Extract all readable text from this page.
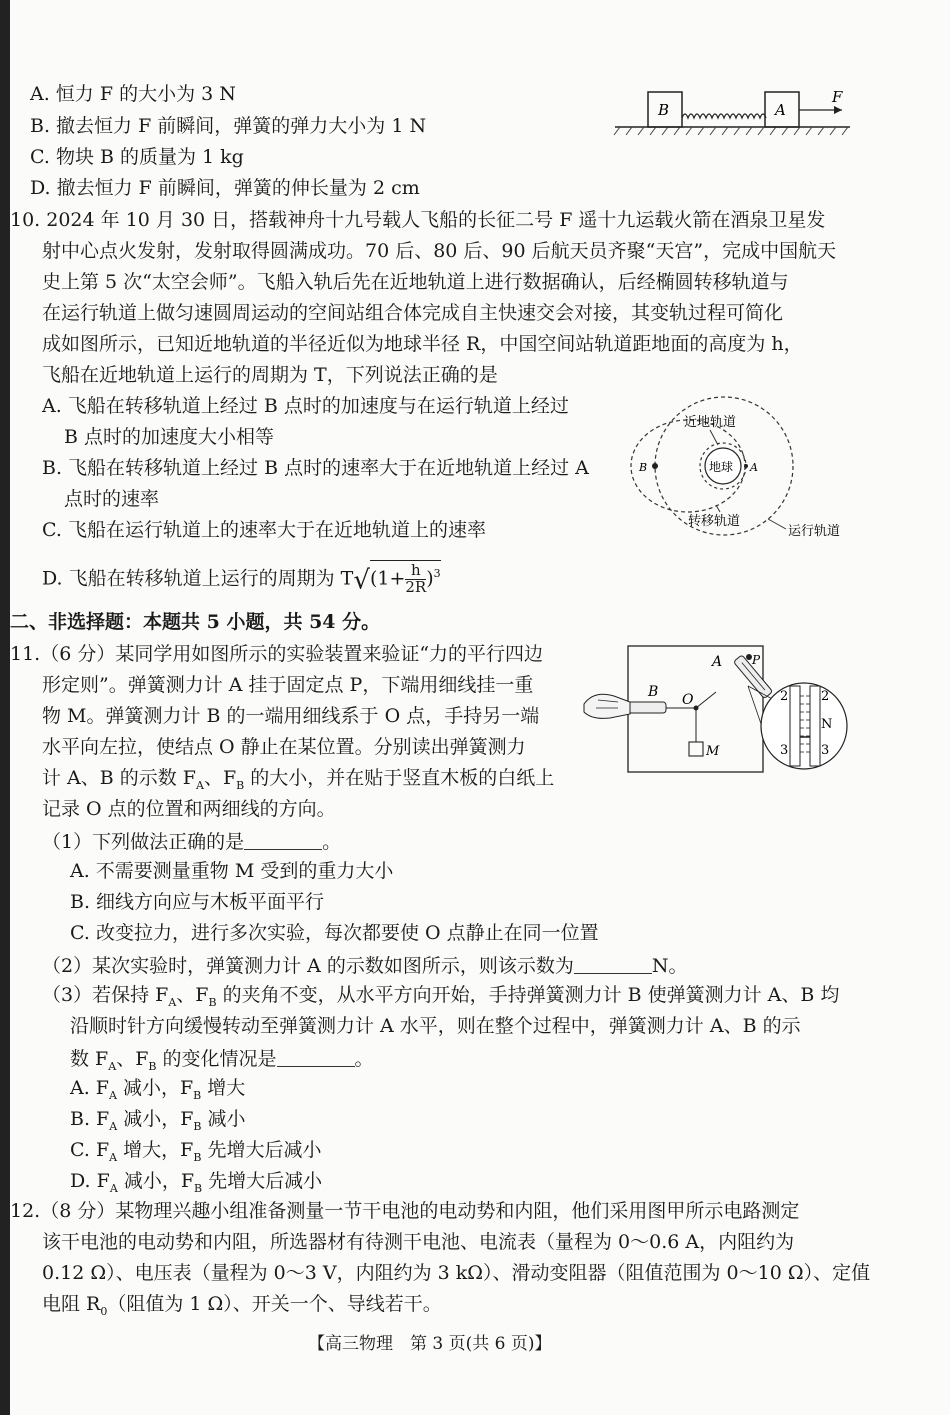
A. 恒力 F 的大小为 3 N
B. 撤去恒力 F 前瞬间，弹簧的弹力大小为 1 N
C. 物块 B 的质量为 1 kg
D. 撤去恒力 F 前瞬间，弹簧的伸长量为 2 cm
B	A
F
10. 2024 年 10 月 30 日，搭载神舟十九号载人飞船的长征二号 F 遥十九运载火箭在酒泉卫星发
射中心点火发射，发射取得圆满成功。70 后、80 后、90 后航天员齐聚“天宫”，完成中国航天
史上第 5 次“太空会师”。飞船入轨后先在近地轨道上进行数据确认，后经椭圆转移轨道与
在运行轨道上做匀速圆周运动的空间站组合体完成自主快速交会对接，其变轨过程可简化
成如图所示，已知近地轨道的半径近似为地球半径 R，中国空间站轨道距地面的高度为 h，
飞船在近地轨道上运行的周期为 T，下列说法正确的是
A. 飞船在转移轨道上经过 B 点时的加速度与在运行轨道上经过
B 点时的加速度大小相等
B. 飞船在转移轨道上经过 B 点时的速率大于在近地轨道上经过 A
点时的速率
C. 飞船在运行轨道上的速率大于在近地轨道上的速率
D. 飞船在转移轨道上运行的周期为 $T√(1+ \frac{h}{2R} )^3$
地球 A
B
近地轨道
转移轨道
运行轨道
二、非选择题：本题共 5 小题，共 54 分。
11.（6 分）某同学用如图所示的实验装置来验证“力的平行四边
形定则”。弹簧测力计 A 挂于固定点 P，下端用细线挂一重
物 M。弹簧测力计 B 的一端用细线系于 O 点，手持另一端
水平向左拉，使结点 O 静止在某位置。分别读出弹簧测力
计 A、B 的示数 $F_A$、$F_B$ 的大小，并在贴于竖直木板的白纸上
记录 O 点的位置和两细线的方向。
（1）下列做法正确的是	。
A. 不需要测量重物 M 受到的重力大小
B. 细线方向应与木板平面平行
C. 改变拉力，进行多次实验，每次都要使 O 点静止在同一位置
（2）某次实验时，弹簧测力计 A 的示数如图所示，则该示数为	N。
（3）若保持 $F_A$、$F_B$ 的夹角不变，从水平方向开始，手持弹簧测力计 B 使弹簧测力计 A、B 均
沿顺时针方向缓慢转动至弹簧测力计 A 水平，则在整个过程中，弹簧测力计 A、B 的示
数 $F_A$、$F_B$ 的变化情况是	。
A. $F_A$ 减小，$F_B$ 增大
B. $F_A$ 减小，$F_B$ 减小
C. $F_A$ 增大，$F_B$ 先增大后减小
D. $F_A$ 减小，$F_B$ 先增大后减小
A P
O
M
B	2	2
N
3	3
12.（8 分）某物理兴趣小组准备测量一节干电池的电动势和内阻，他们采用图甲所示电路测定
该干电池的电动势和内阻，所选器材有待测干电池、电流表（量程为 0～0.6 A，内阻约为
0.12 Ω）、电压表（量程为 0～3 V，内阻约为 3 kΩ）、滑动变阻器（阻值范围为 0～10 Ω）、定值
电阻 $R_0$（阻值为 1 Ω）、开关一个、导线若干。
【高三物理　第 3 页(共 6 页)】
